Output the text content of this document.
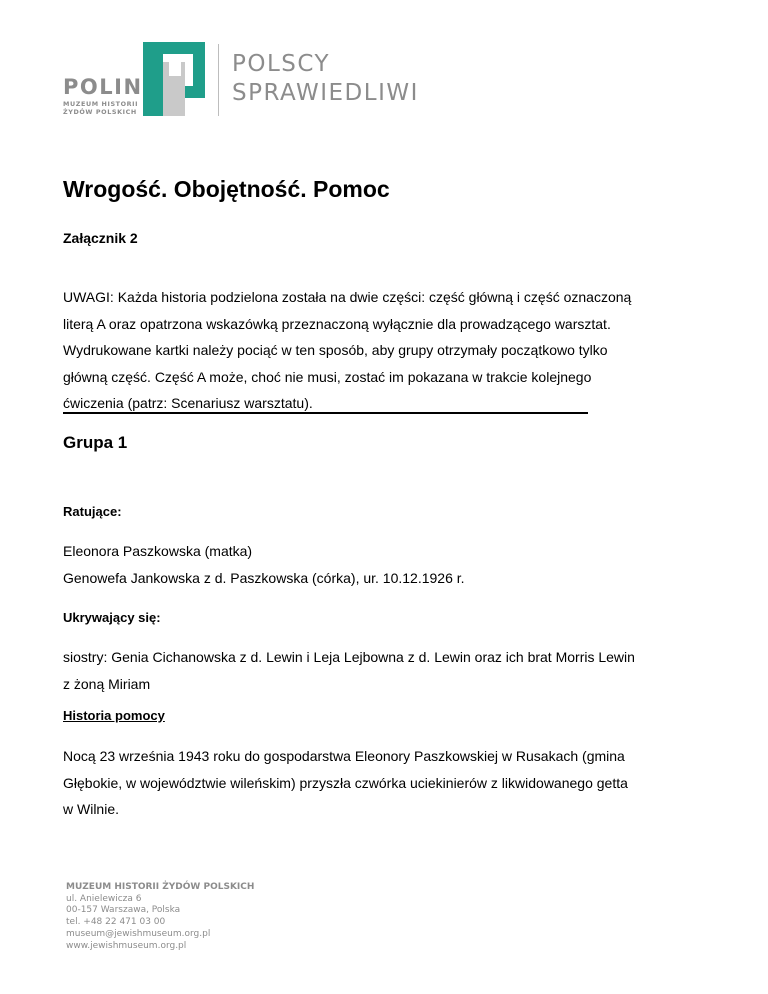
POLIN
MUZEUM HISTORII
ŻYDÓW POLSKICH
POLSCY
SPRAWIEDLIWI
Wrogość. Obojętność. Pomoc
Załącznik 2
UWAGI: Każda historia podzielona została na dwie części: część główną i część oznaczoną
literą A oraz opatrzona wskazówką przeznaczoną wyłącznie dla prowadzącego warsztat.
Wydrukowane kartki należy pociąć w ten sposób, aby grupy otrzymały początkowo tylko
główną część. Część A może, choć nie musi, zostać im pokazana w trakcie kolejnego
ćwiczenia (patrz: Scenariusz warsztatu).
Grupa 1
Ratujące:
Eleonora Paszkowska (matka)
Genowefa Jankowska z d. Paszkowska (córka), ur. 10.12.1926 r.
Ukrywający się:
siostry: Genia Cichanowska z d. Lewin i Leja Lejbowna z d. Lewin oraz ich brat Morris Lewin
z żoną Miriam
Historia pomocy
Nocą 23 września 1943 roku do gospodarstwa Eleonory Paszkowskiej w Rusakach (gmina
Głębokie, w województwie wileńskim) przyszła czwórka uciekinierów z likwidowanego getta
w Wilnie.
MUZEUM HISTORII ŻYDÓW POLSKICH
ul. Anielewicza 6
00-157 Warszawa, Polska
tel. +48 22 471 03 00
museum@jewishmuseum.org.pl
www.jewishmuseum.org.pl
